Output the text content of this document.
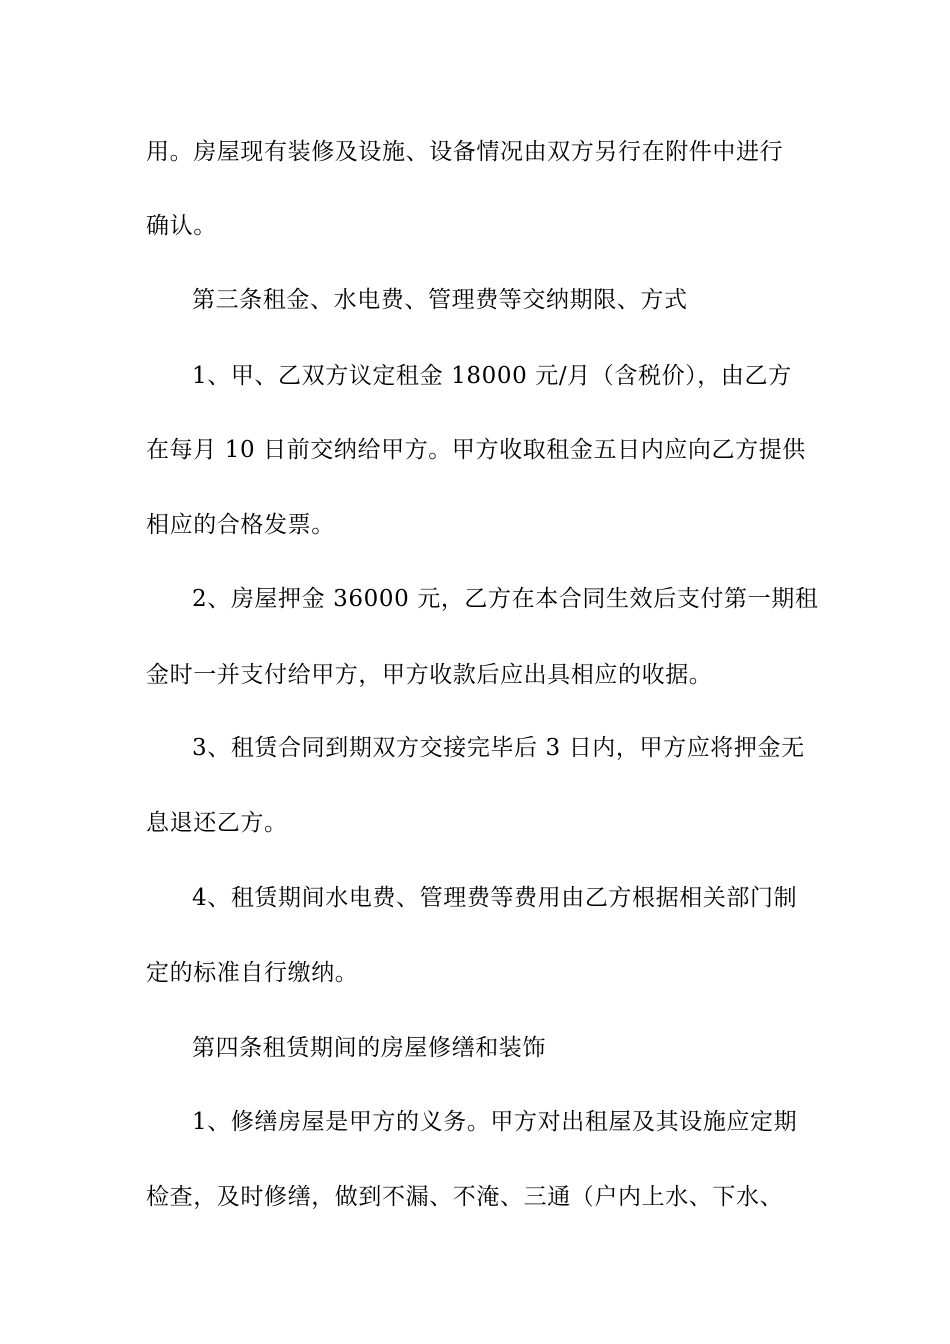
用。房屋现有装修及设施、设备情况由双方另行在附件中进行
确认。
第三条租金、水电费、管理费等交纳期限、方式
1、甲、乙双方议定租金 18000 元/月（含税价），由乙方
在每月 10 日前交纳给甲方。甲方收取租金五日内应向乙方提供
相应的合格发票。
2、房屋押金 36000 元，乙方在本合同生效后支付第一期租
金时一并支付给甲方，甲方收款后应出具相应的收据。
3、租赁合同到期双方交接完毕后 3 日内，甲方应将押金无
息退还乙方。
4、租赁期间水电费、管理费等费用由乙方根据相关部门制
定的标准自行缴纳。
第四条租赁期间的房屋修缮和装饰
1、修缮房屋是甲方的义务。甲方对出租屋及其设施应定期
检查，及时修缮，做到不漏、不淹、三通（户内上水、下水、
